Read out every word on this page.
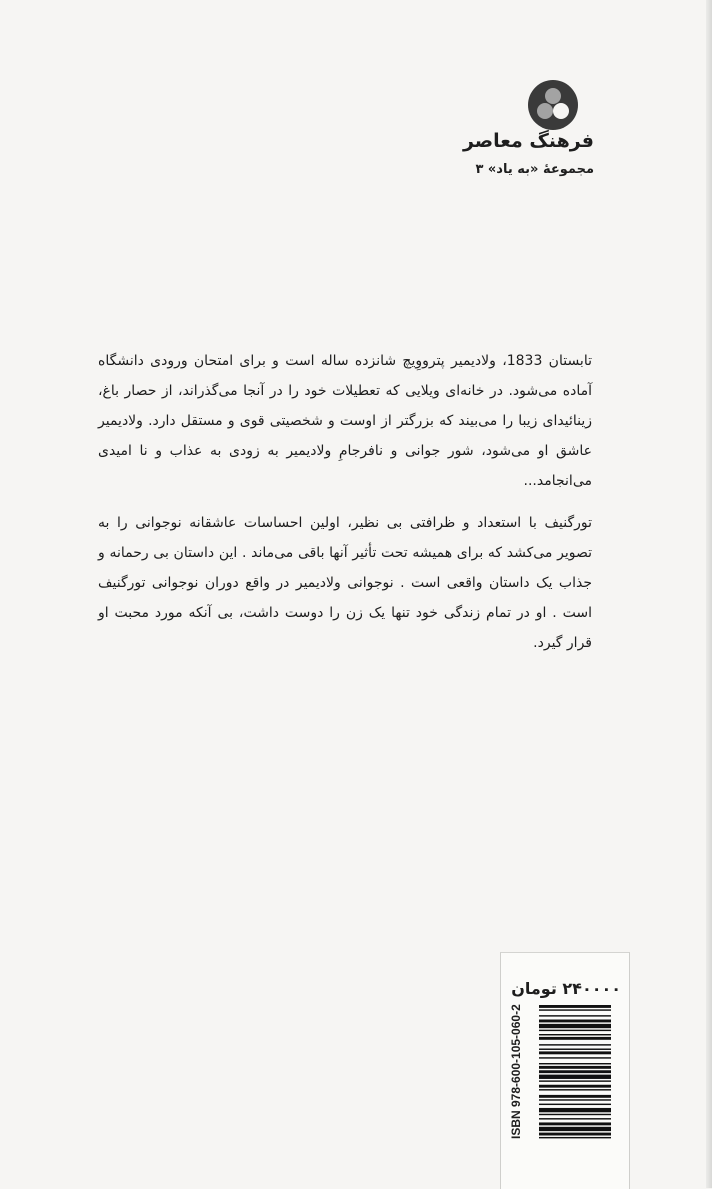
فرهنگ معاصر
مجموعهٔ «به یاد» ۳

تابستان 1833، ولادیمیر پترووِیچ شانزده ساله است و برای امتحان ورودی دانشگاه آماده می‌شود. در خانه‌ای ویلایی که تعطیلات خود را در آنجا می‌گذراند، از حصار باغ، زینائیدای زیبا را می‌بیند که بزرگتر از اوست و شخصیتی قوی و مستقل دارد. ولادیمیر عاشق او می‌شود، شور جوانی و نافرجامِ ولادیمیر به زودی به عذاب و نا امیدی می‌انجامد...

تورگنیف با استعداد و ظرافتی بی نظیر، اولین احساسات عاشقانه نوجوانی را به تصویر می‌کشد که برای همیشه تحت تأثیر آنها باقی می‌ماند . این داستان بی رحمانه و جذاب یک داستان واقعی است . نوجوانی ولادیمیر در واقع دوران نوجوانی تورگنیف است . او در تمام زندگی خود تنها یک زن را دوست داشت، بی آنکه مورد محبت او قرار گیرد.

۲۴۰۰۰۰ تومان
ISBN 978-600-105-060-2
